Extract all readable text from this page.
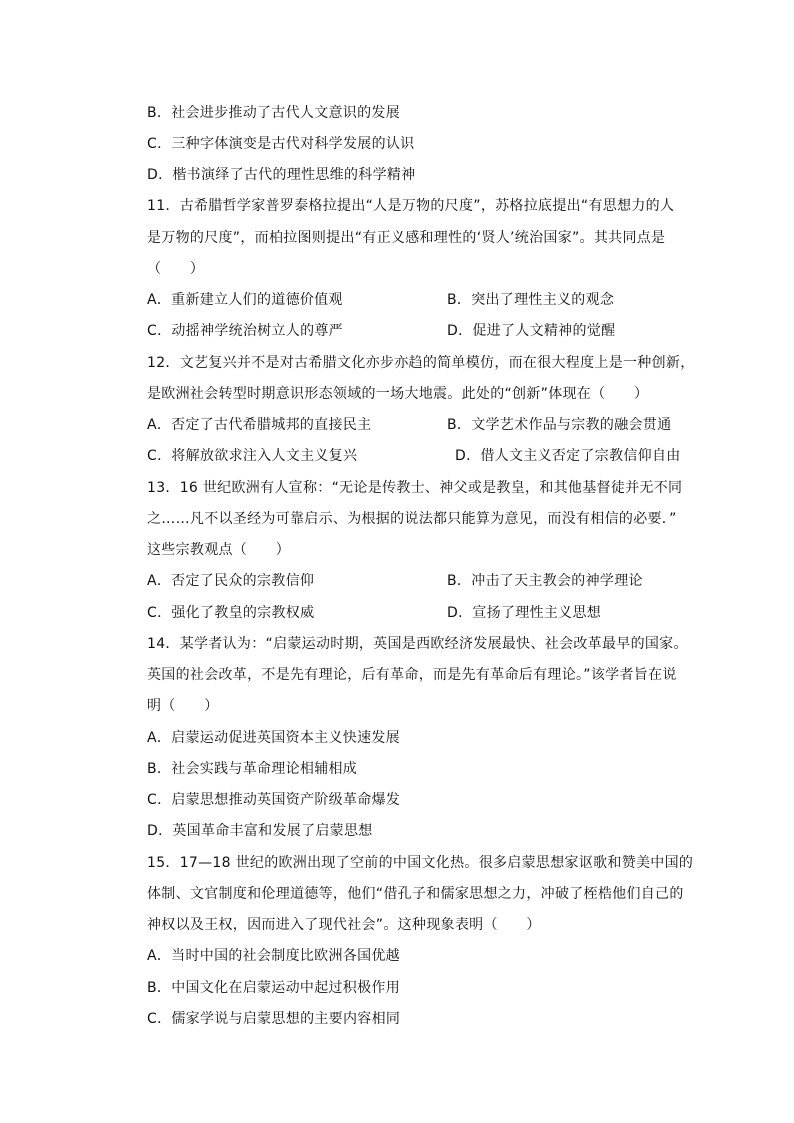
B．社会进步推动了古代人文意识的发展
C．三种字体演变是古代对科学发展的认识
D．楷书演绎了古代的理性思维的科学精神
11．古希腊哲学家普罗泰格拉提出“人是万物的尺度”，苏格拉底提出“有思想力的人
是万物的尺度”，而柏拉图则提出“有正义感和理性的‘贤人’统治国家”。其共同点是
（　　）
A．重新建立人们的道德价值观	B．突出了理性主义的观念
C．动摇神学统治树立人的尊严	D．促进了人文精神的觉醒
12．文艺复兴并不是对古希腊文化亦步亦趋的简单模仿，而在很大程度上是一种创新，
是欧洲社会转型时期意识形态领域的一场大地震。此处的“创新”体现在（　　）
A．否定了古代希腊城邦的直接民主	B．文学艺术作品与宗教的融会贯通
C．将解放欲求注入人文主义复兴	D．借人文主义否定了宗教信仰自由
13．16 世纪欧洲有人宣称：“无论是传教士、神父或是教皇，和其他基督徒并无不同
之……凡不以圣经为可靠启示、为根据的说法都只能算为意见，而没有相信的必要．”
这些宗教观点（　　）
A．否定了民众的宗教信仰	B．冲击了天主教会的神学理论
C．强化了教皇的宗教权威	D．宣扬了理性主义思想
14．某学者认为：“启蒙运动时期，英国是西欧经济发展最快、社会改革最早的国家。
英国的社会改革，不是先有理论，后有革命，而是先有革命后有理论。”该学者旨在说
明（　　）
A．启蒙运动促进英国资本主义快速发展
B．社会实践与革命理论相辅相成
C．启蒙思想推动英国资产阶级革命爆发
D．英国革命丰富和发展了启蒙思想
15．17—18 世纪的欧洲出现了空前的中国文化热。很多启蒙思想家讴歌和赞美中国的
体制、文官制度和伦理道德等，他们“借孔子和儒家思想之力，冲破了桎梏他们自己的
神权以及王权，因而进入了现代社会”。这种现象表明（　　）
A．当时中国的社会制度比欧洲各国优越
B．中国文化在启蒙运动中起过积极作用
C．儒家学说与启蒙思想的主要内容相同
